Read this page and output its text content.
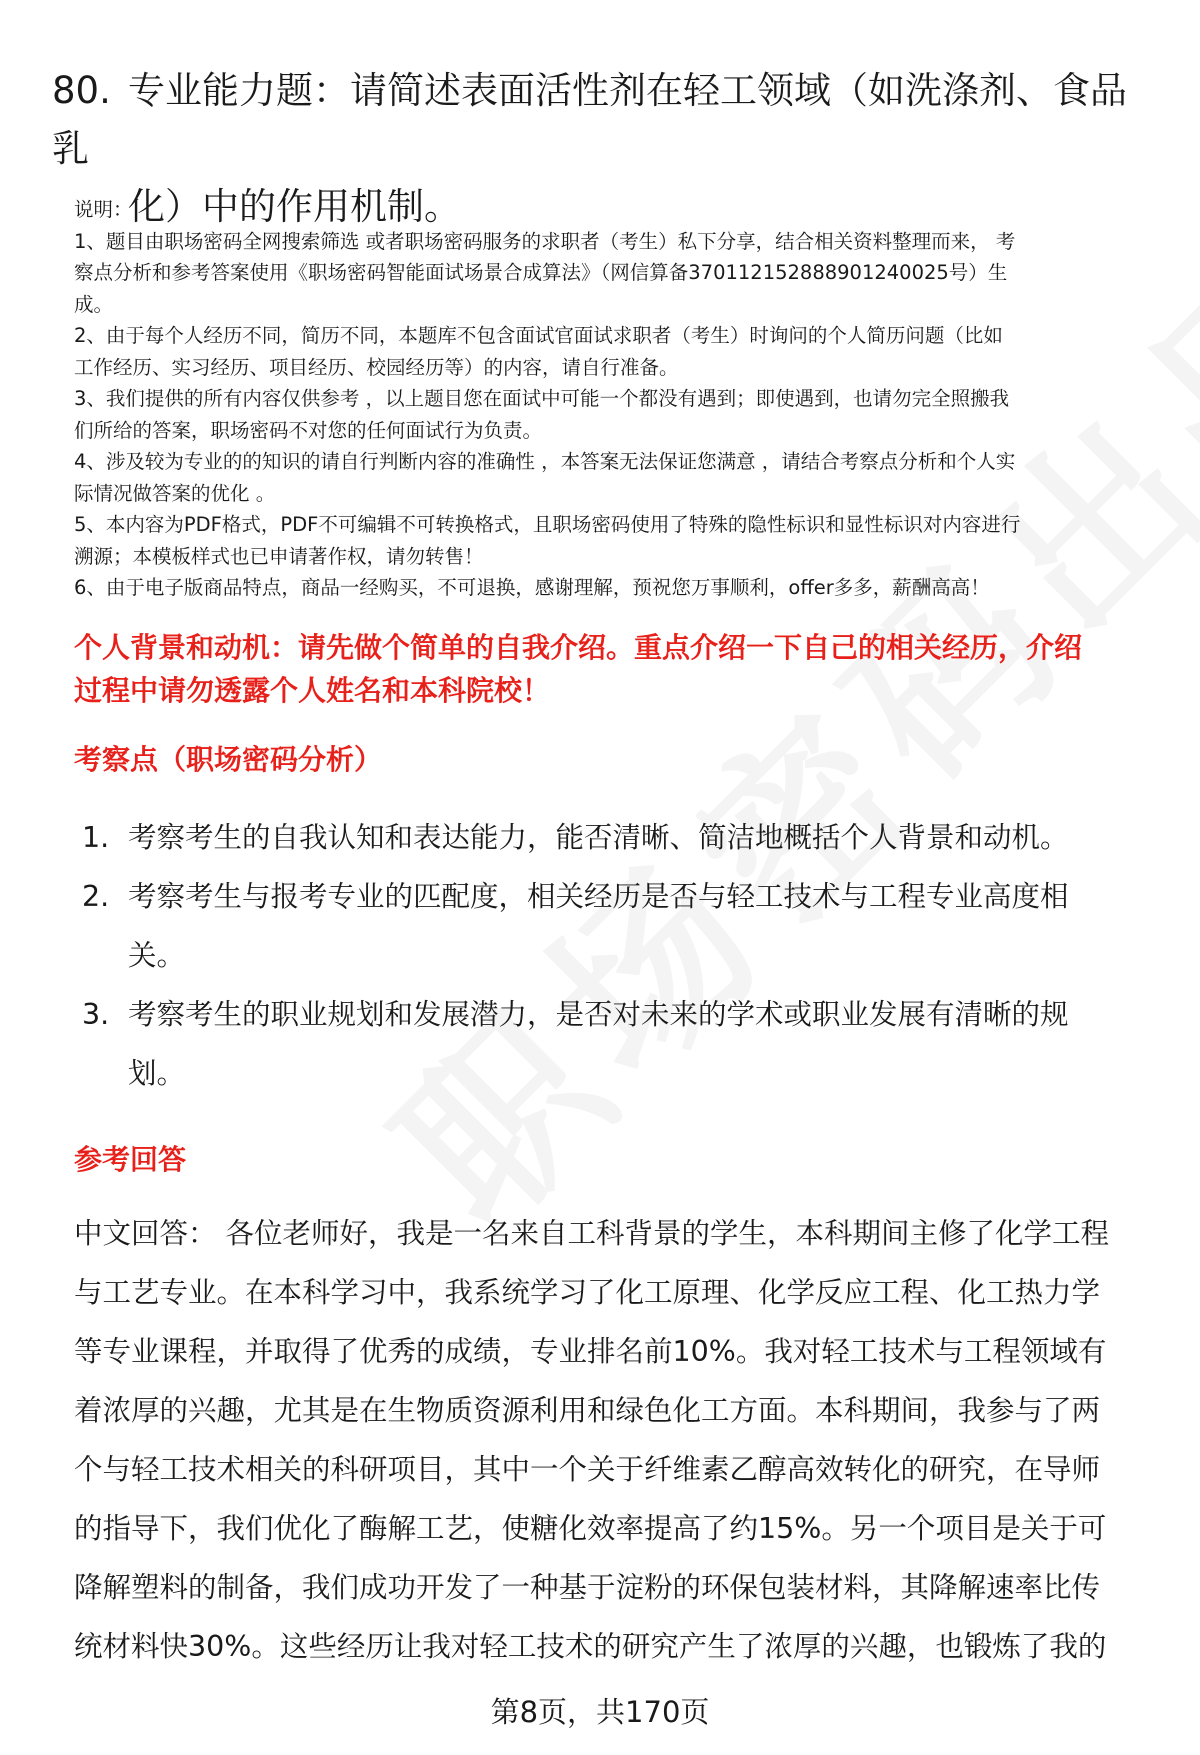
80. 专业能力题：请简述表面活性剂在轻工领域（如洗涤剂、食品乳
化）中的作用机制。

说明：

1、题目由职场密码全网搜索筛选 或者职场密码服务的求职者（考生）私下分享，结合相关资料整理而来， 考

察点分析和参考答案使用《职场密码智能面试场景合成算法》（网信算备370112152888901240025号）生

成。

2、由于每个人经历不同，简历不同，本题库不包含面试官面试求职者（考生）时询问的个人简历问题（比如

工作经历、实习经历、项目经历、校园经历等）的内容，请自行准备。

3、我们提供的所有内容仅供参考 ，以上题目您在面试中可能一个都没有遇到；即使遇到，也请勿完全照搬我

们所给的答案，职场密码不对您的任何面试行为负责。

4、涉及较为专业的的知识的请自行判断内容的准确性 ，本答案无法保证您满意 ，请结合考察点分析和个人实

际情况做答案的优化 。

5、本内容为PDF格式，PDF不可编辑不可转换格式，且职场密码使用了特殊的隐性标识和显性标识对内容进行

溯源；本模板样式也已申请著作权，请勿转售！

6、由于电子版商品特点，商品一经购买，不可退换，感谢理解，预祝您万事顺利，offer多多，薪酬高高！

个人背景和动机：请先做个简单的自我介绍。重点介绍一下自己的相关经历，介绍

过程中请勿透露个人姓名和本科院校！

考察点（职场密码分析）
1. 考察考生的自我认知和表达能力，能否清晰、简洁地概括个人背景和动机。
2. 考察考生与报考专业的匹配度，相关经历是否与轻工技术与工程专业高度相
关。
3. 考察考生的职业规划和发展潜力，是否对未来的学术或职业发展有清晰的规
划。
参考回答

中文回答： 各位老师好，我是一名来自工科背景的学生，本科期间主修了化学工程

与工艺专业。在本科学习中，我系统学习了化工原理、化学反应工程、化工热力学

等专业课程，并取得了优秀的成绩，专业排名前10%。我对轻工技术与工程领域有

着浓厚的兴趣，尤其是在生物质资源利用和绿色化工方面。本科期间，我参与了两

个与轻工技术相关的科研项目，其中一个关于纤维素乙醇高效转化的研究，在导师

的指导下，我们优化了酶解工艺，使糖化效率提高了约15%。另一个项目是关于可

降解塑料的制备，我们成功开发了一种基于淀粉的环保包装材料，其降解速率比传

统材料快30%。这些经历让我对轻工技术的研究产生了浓厚的兴趣，也锻炼了我的

第8页，共170页
